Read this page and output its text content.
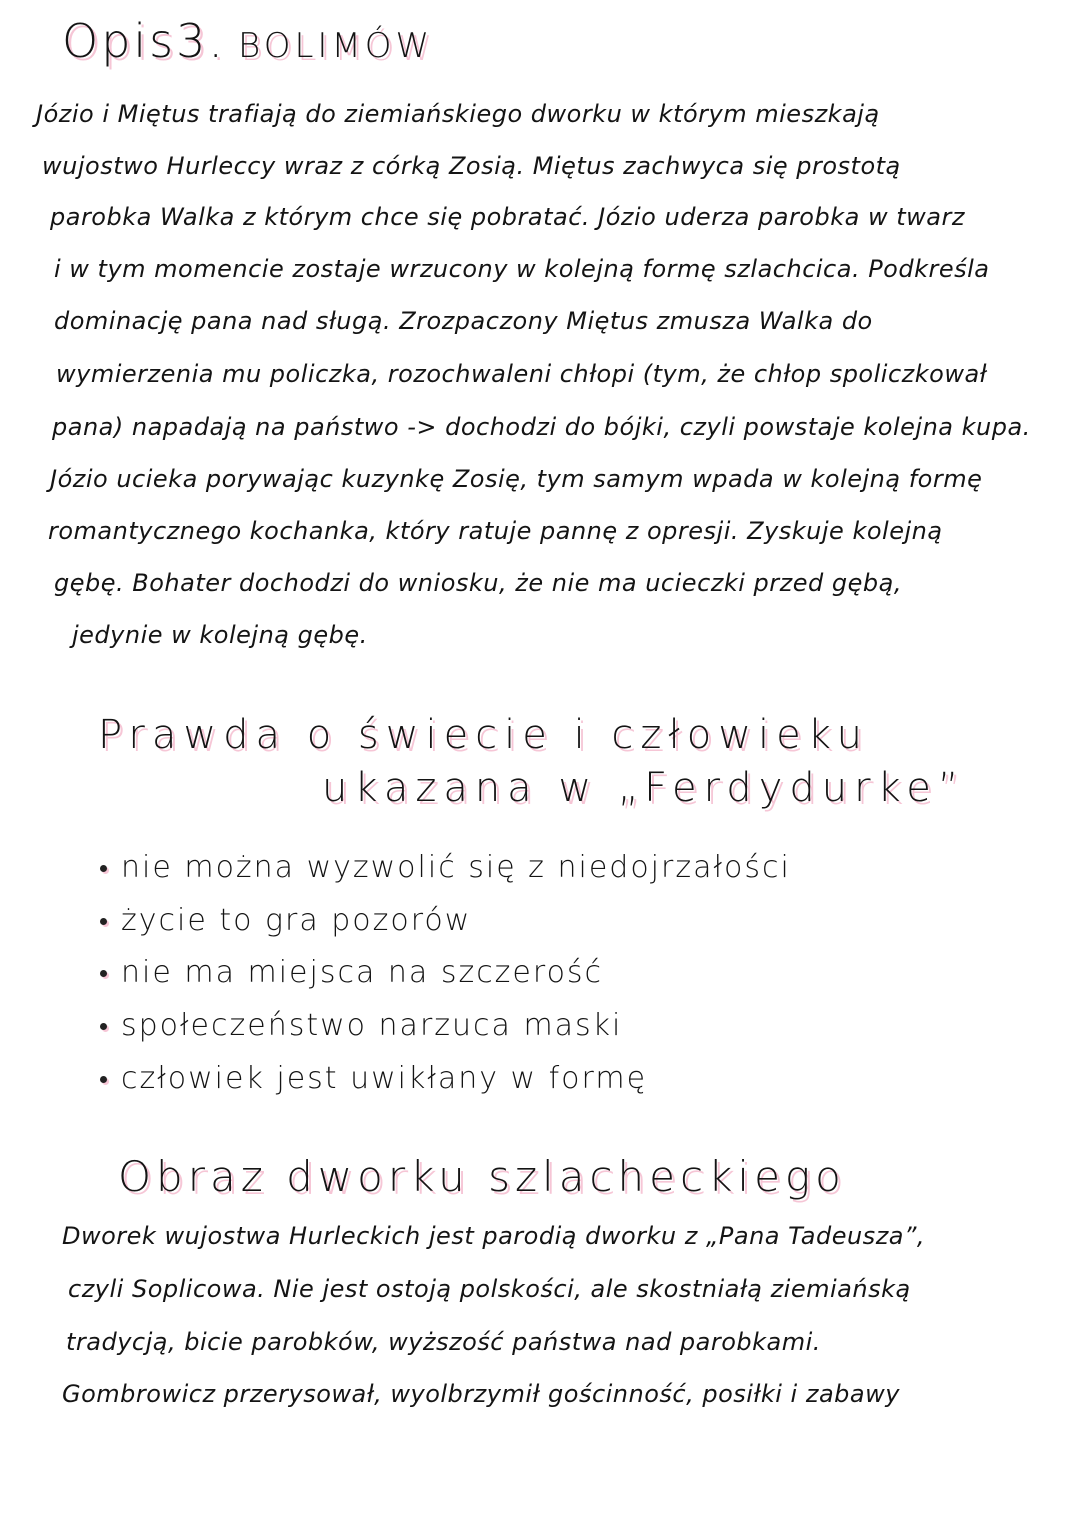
Opis3. BOLIMÓW
Józio i Miętus trafiają do ziemiańskiego dworku w którym mieszkają
wujostwo Hurleccy wraz z córką Zosią. Miętus zachwyca się prostotą
parobka Walka z którym chce się pobratać. Józio uderza parobka w twarz
i w tym momencie zostaje wrzucony w kolejną formę szlachcica. Podkreśla
dominację pana nad sługą. Zrozpaczony Miętus zmusza Walka do
wymierzenia mu policzka, rozochwaleni chłopi (tym, że chłop spoliczkował
pana) napadają na państwo -> dochodzi do bójki, czyli powstaje kolejna kupa.
Józio ucieka porywając kuzynkę Zosię, tym samym wpada w kolejną formę
romantycznego kochanka, który ratuje pannę z opresji. Zyskuje kolejną
gębę. Bohater dochodzi do wniosku, że nie ma ucieczki przed gębą,
jedynie w kolejną gębę.
Prawda o świecie i człowieku
ukazana w „Ferdydurke”
nie można wyzwolić się z niedojrzałości
życie to gra pozorów
nie ma miejsca na szczerość
społeczeństwo narzuca maski
człowiek jest uwikłany w formę
Obraz dworku szlacheckiego
Dworek wujostwa Hurleckich jest parodią dworku z „Pana Tadeusza”,
czyli Soplicowa. Nie jest ostoją polskości, ale skostniałą ziemiańską
tradycją, bicie parobków, wyższość państwa nad parobkami.
Gombrowicz przerysował, wyolbrzymił gościnność, posiłki i zabawy
